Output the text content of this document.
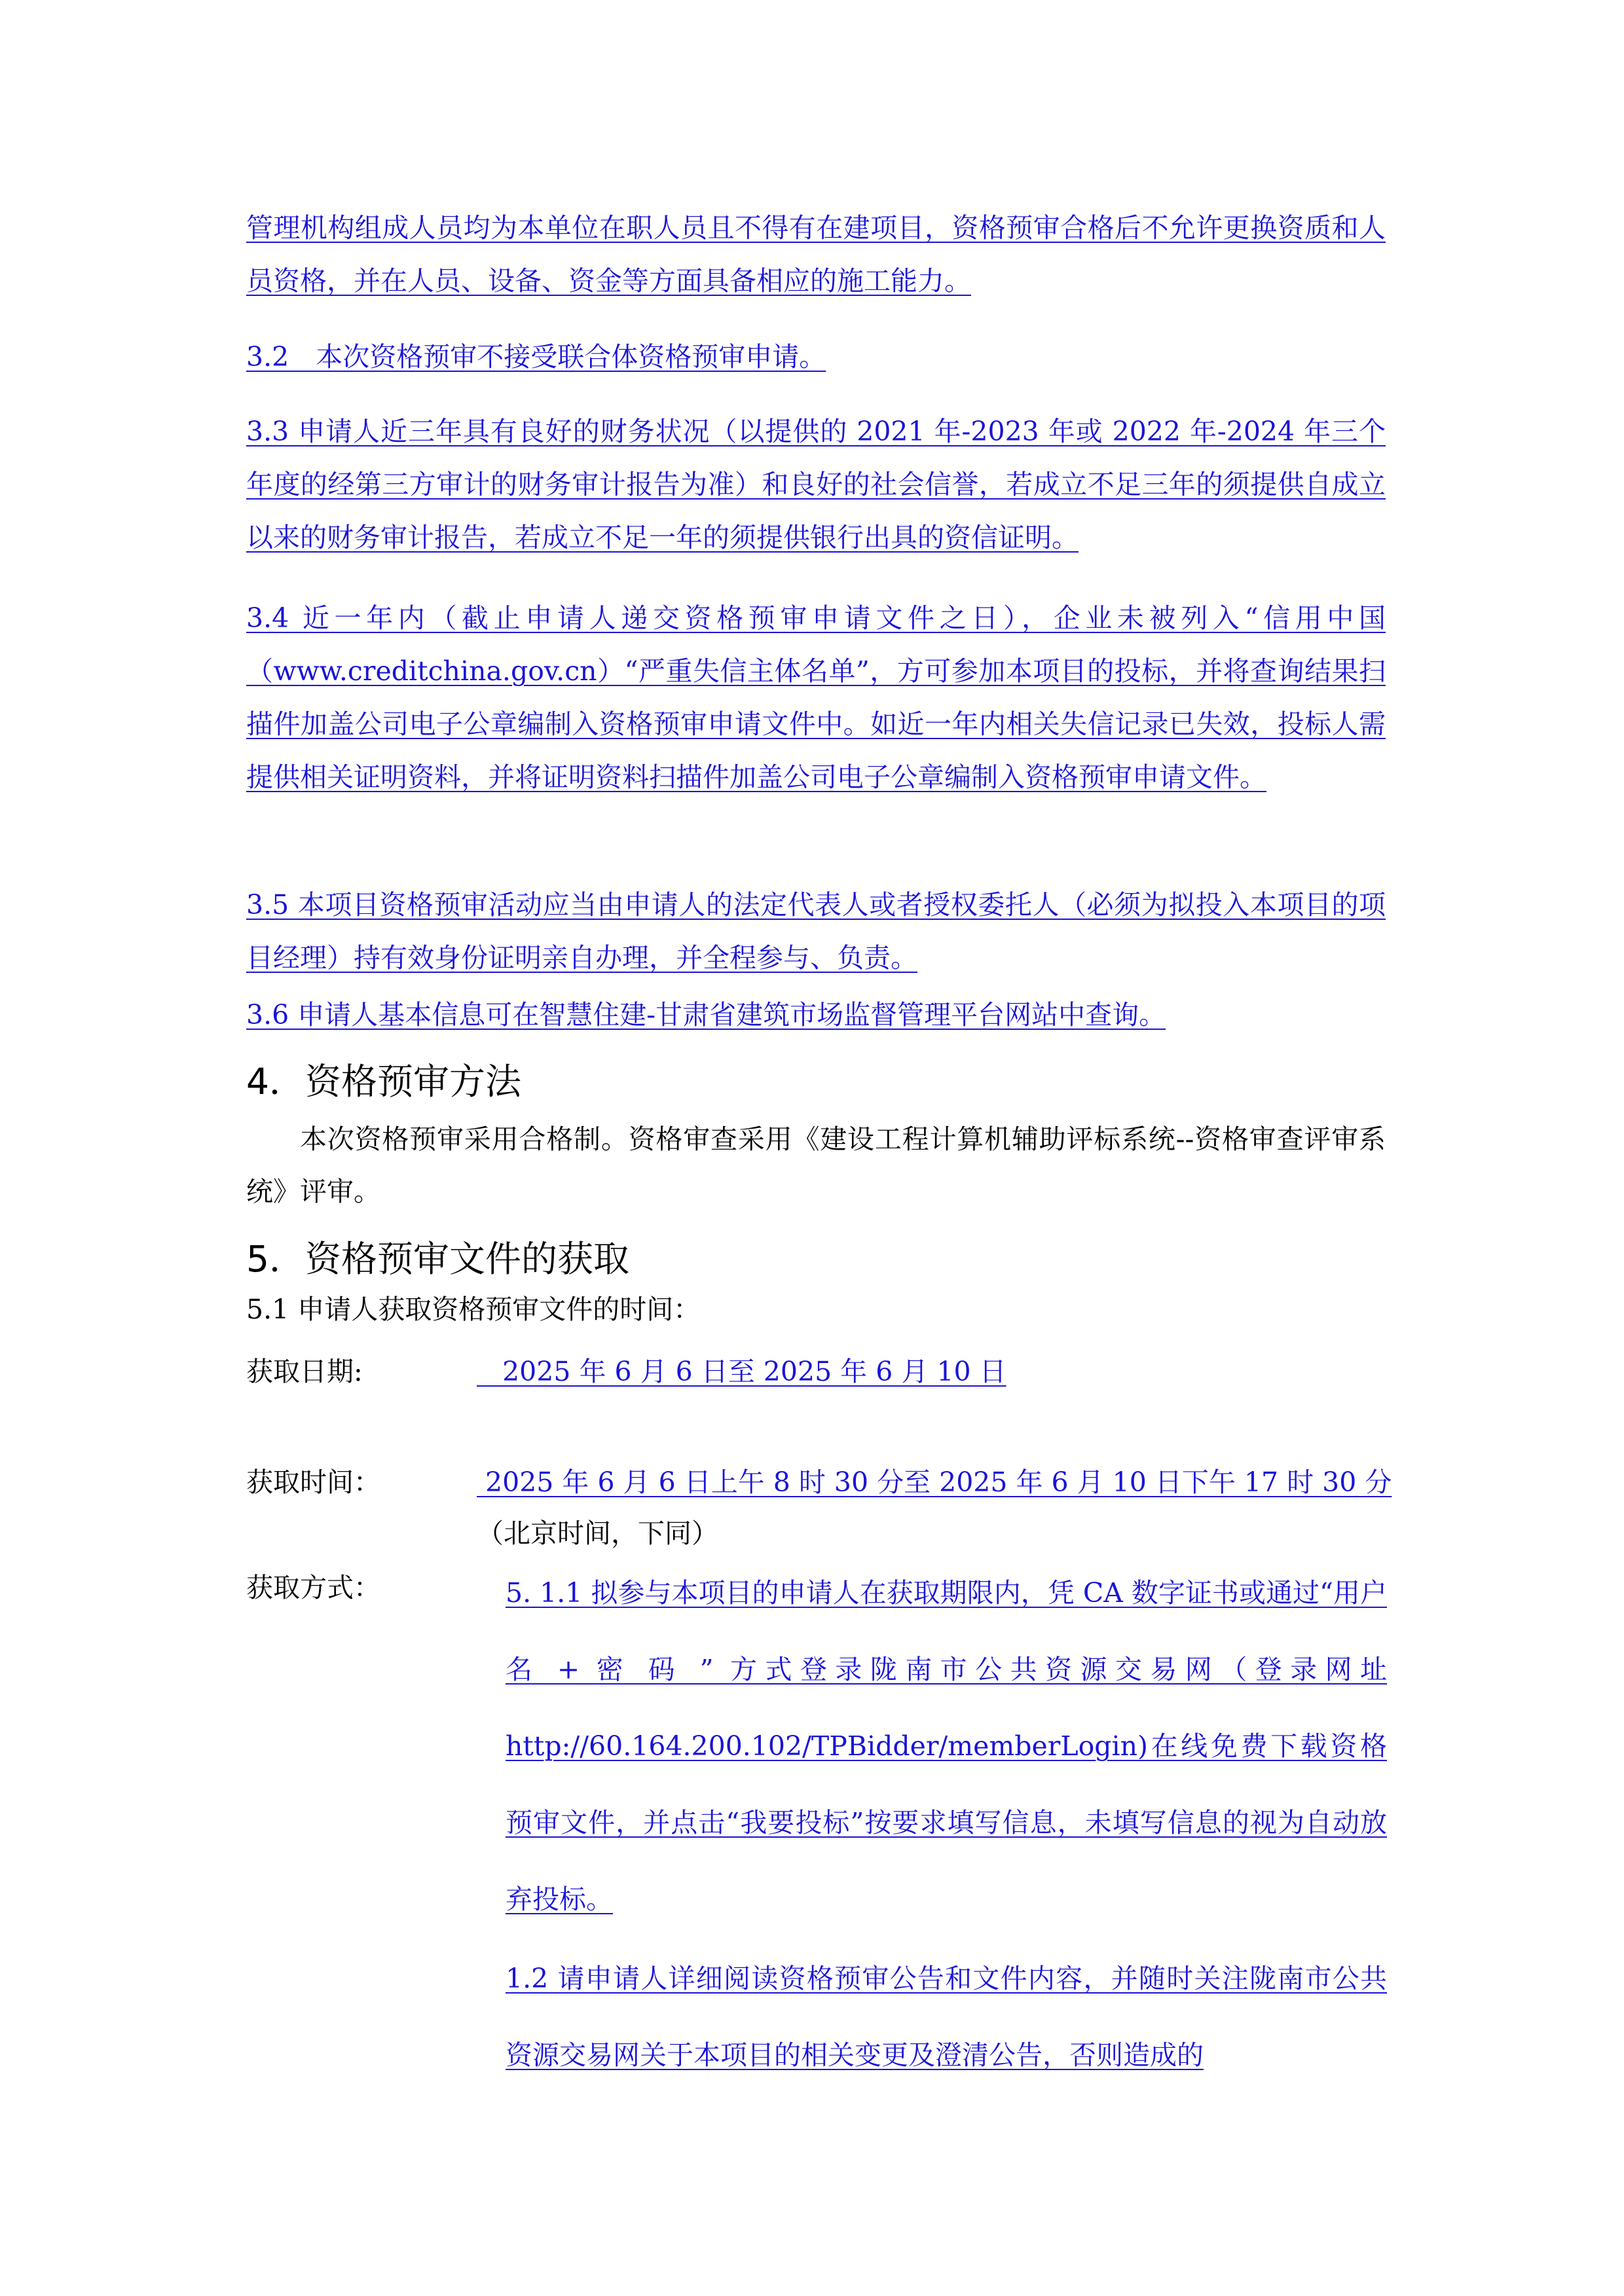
管理机构组成人员均为本单位在职人员且不得有在建项目，资格预审合格后不允许更换资质和人员资格，并在人员、设备、资金等方面具备相应的施工能力。
3.2　本次资格预审不接受联合体资格预审申请。
3.3 申请人近三年具有良好的财务状况（以提供的 2021 年-2023 年或 2022 年-2024 年三个年度的经第三方审计的财务审计报告为准）和良好的社会信誉，若成立不足三年的须提供自成立以来的财务审计报告，若成立不足一年的须提供银行出具的资信证明。
3.4 近一年内（截止申请人递交资格预审申请文件之日），企业未被列入“信用中国（www.creditchina.gov.cn）“严重失信主体名单”，方可参加本项目的投标，并将查询结果扫描件加盖公司电子公章编制入资格预审申请文件中。如近一年内相关失信记录已失效，投标人需提供相关证明资料，并将证明资料扫描件加盖公司电子公章编制入资格预审申请文件。
3.5 本项目资格预审活动应当由申请人的法定代表人或者授权委托人（必须为拟投入本项目的项目经理）持有效身份证明亲自办理，并全程参与、负责。
3.6 申请人基本信息可在智慧住建-甘肃省建筑市场监督管理平台网站中查询。
4．资格预审方法
本次资格预审采用合格制。资格审查采用《建设工程计算机辅助评标系统--资格审查评审系统》评审。
5．资格预审文件的获取
5.1 申请人获取资格预审文件的时间：
获取日期:	2025 年 6 月 6 日至 2025 年 6 月 10 日
获取时间：	2025 年 6 月 6 日上午 8 时 30 分至 2025 年 6 月 10 日下午 17 时 30 分
（北京时间，下同）
获取方式：	5. 1.1 拟参与本项目的申请人在获取期限内，凭 CA 数字证书或通过“用户名 + 密 码 ” 方式登录陇南市公共资源交易网（登录网址 http://60.164.200.102/TPBidder/memberLogin)在线免费下载资格预审文件，并点击“我要投标”按要求填写信息，未填写信息的视为自动放弃投标。
1.2 请申请人详细阅读资格预审公告和文件内容，并随时关注陇南市公共资源交易网关于本项目的相关变更及澄清公告，否则造成的
